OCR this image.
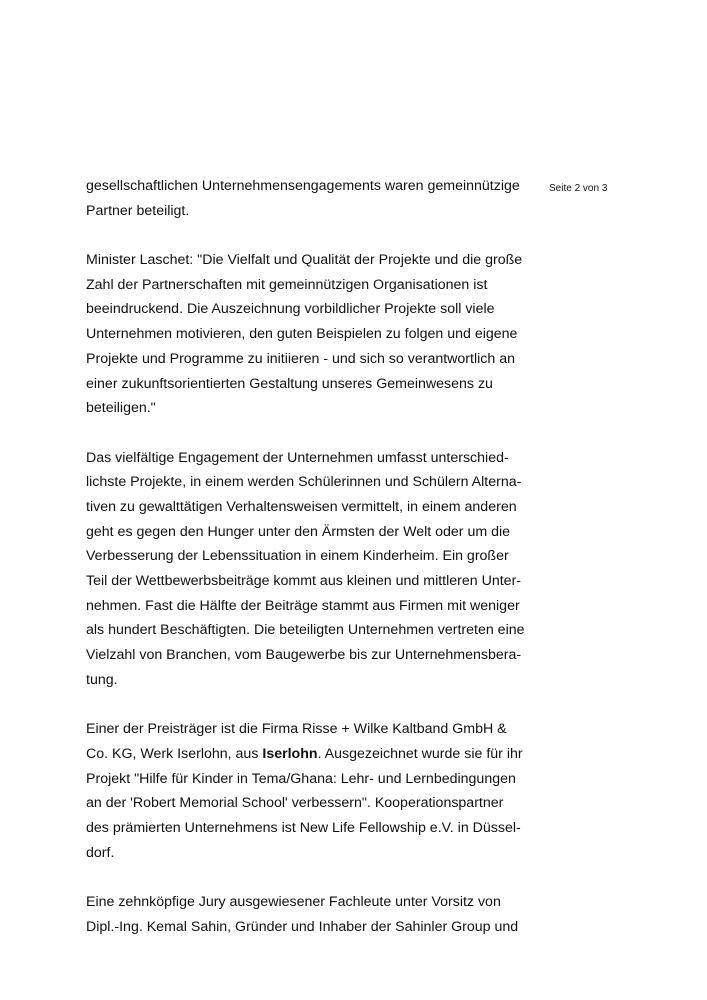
Seite 2 von 3
gesellschaftlichen Unternehmensengagements waren gemeinnützige
Partner beteiligt.
Minister Laschet: "Die Vielfalt und Qualität der Projekte und die große
Zahl der Partnerschaften mit gemeinnützigen Organisationen ist
beeindruckend. Die Auszeichnung vorbildlicher Projekte soll viele
Unternehmen motivieren, den guten Beispielen zu folgen und eigene
Projekte und Programme zu initiieren - und sich so verantwortlich an
einer zukunftsorientierten Gestaltung unseres Gemeinwesens zu
beteiligen."
Das vielfältige Engagement der Unternehmen umfasst unterschied-
lichste Projekte, in einem werden Schülerinnen und Schülern Alterna-
tiven zu gewalttätigen Verhaltensweisen vermittelt, in einem anderen
geht es gegen den Hunger unter den Ärmsten der Welt oder um die
Verbesserung der Lebenssituation in einem Kinderheim. Ein großer
Teil der Wettbewerbsbeiträge kommt aus kleinen und mittleren Unter-
nehmen. Fast die Hälfte der Beiträge stammt aus Firmen mit weniger
als hundert Beschäftigten. Die beteiligten Unternehmen vertreten eine
Vielzahl von Branchen, vom Baugewerbe bis zur Unternehmensbera-
tung.
Einer der Preisträger ist die Firma Risse + Wilke Kaltband GmbH &
Co. KG, Werk Iserlohn, aus Iserlohn. Ausgezeichnet wurde sie für ihr
Projekt "Hilfe für Kinder in Tema/Ghana: Lehr- und Lernbedingungen
an der 'Robert Memorial School' verbessern". Kooperationspartner
des prämierten Unternehmens ist New Life Fellowship e.V. in Düssel-
dorf.
Eine zehnköpfige Jury ausgewiesener Fachleute unter Vorsitz von
Dipl.-Ing. Kemal Sahin, Gründer und Inhaber der Sahinler Group und
